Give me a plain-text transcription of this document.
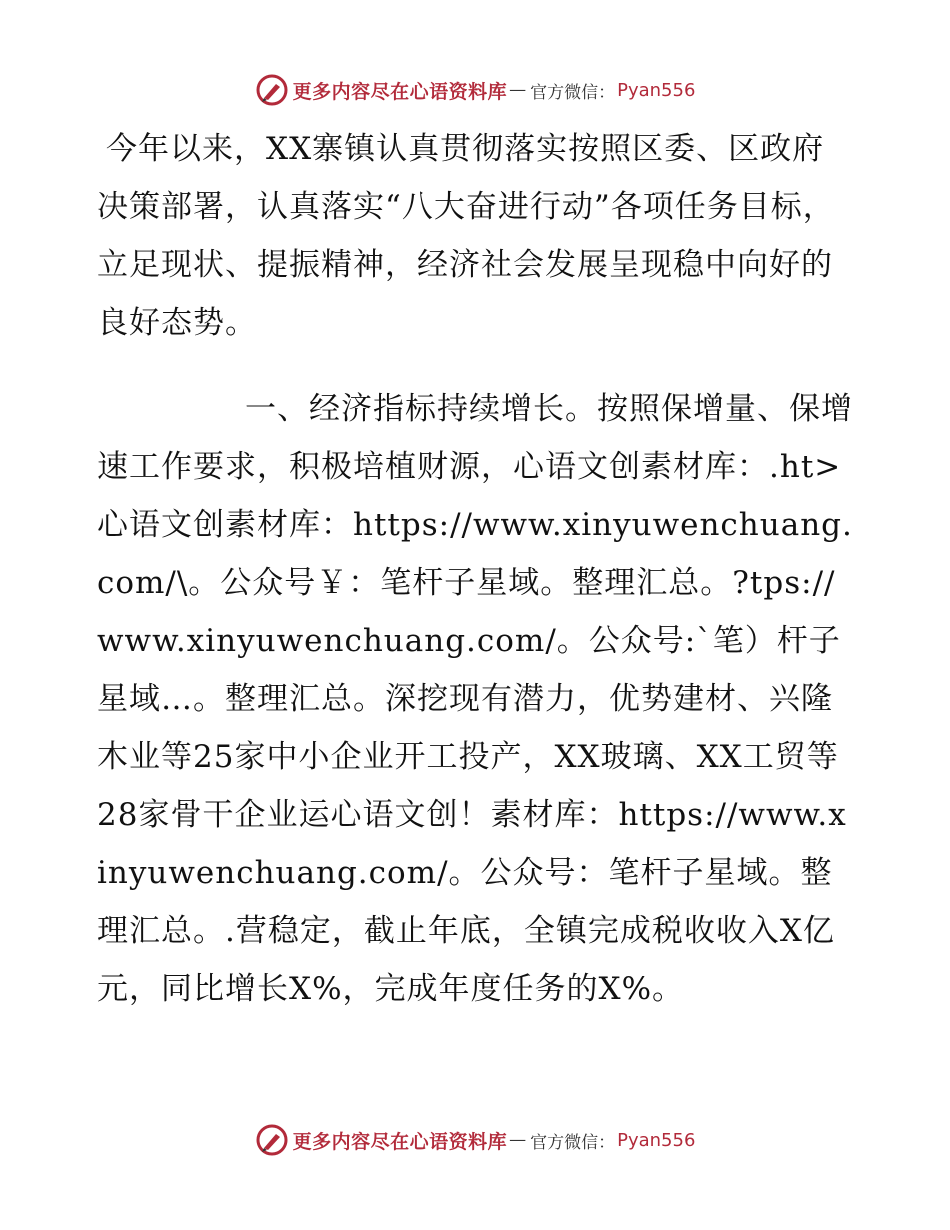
更多内容尽在心语资料库 — 官方微信： Pyan556

今年以来，XX寨镇认真贯彻落实按照区委、区政府决策部署，认真落实“八大奋进行动”各项任务目标，立足现状、提振精神，经济社会发展呈现稳中向好的良好态势。

一、经济指标持续增长。按照保增量、保增速工作要求，积极培植财源，心语文创素材库：.ht>心语文创素材库：https://www.xinyuwenchuang.com/\。公众号￥：笔杆子星域。整理汇总。?tps://www.xinyuwenchuang.com/。公众号:`笔）杆子星域…。整理汇总。深挖现有潜力，优势建材、兴隆木业等25家中小企业开工投产，XX玻璃、XX工贸等28家骨干企业运心语文创！素材库：https://www.xinyuwenchuang.com/。公众号：笔杆子星域。整理汇总。.营稳定，截止年底，全镇完成税收收入X亿元，同比增长X%，完成年度任务的X%。

更多内容尽在心语资料库 — 官方微信： Pyan556
